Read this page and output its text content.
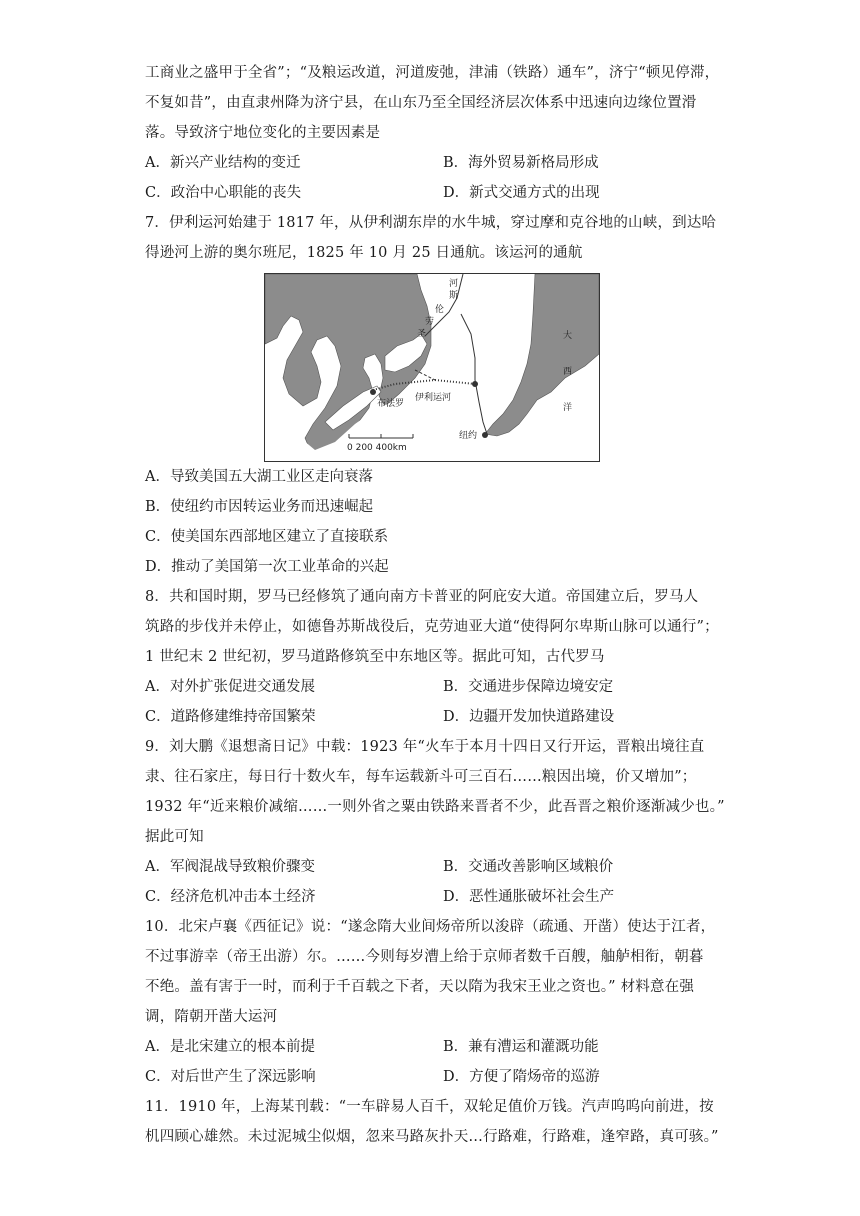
工商业之盛甲于全省”；“及粮运改道，河道废弛，津浦（铁路）通车”，济宁“顿见停滞，
不复如昔”，由直隶州降为济宁县，在山东乃至全国经济层次体系中迅速向边缘位置滑
落。导致济宁地位变化的主要因素是
A．新兴产业结构的变迁	B．海外贸易新格局形成
C．政治中心职能的丧失	D．新式交通方式的出现
7．伊利运河始建于 1817 年，从伊利湖东岸的水牛城，穿过摩和克谷地的山峡，到达哈
得逊河上游的奥尔班尼，1825 年 10 月 25 日通航。该运河的通航
河
斯
伦
劳
圣	大
西
洋
布法罗
伊利运河
纽约
0 200 400km
A．导致美国五大湖工业区走向衰落
B．使纽约市因转运业务而迅速崛起
C．使美国东西部地区建立了直接联系
D．推动了美国第一次工业革命的兴起
8．共和国时期，罗马已经修筑了通向南方卡普亚的阿庇安大道。帝国建立后，罗马人
筑路的步伐并未停止，如德鲁苏斯战役后，克劳迪亚大道“使得阿尔卑斯山脉可以通行”；
1 世纪末 2 世纪初，罗马道路修筑至中东地区等。据此可知，古代罗马
A．对外扩张促进交通发展	B．交通进步保障边境安定
C．道路修建维持帝国繁荣	D．边疆开发加快道路建设
9．刘大鹏《退想斋日记》中载：1923 年“火车于本月十四日又行开运，晋粮出境往直
隶、往石家庄，每日行十数火车，每车运载新斗可三百石……粮因出境，价又增加”；
1932 年“近来粮价减缩……一则外省之粟由铁路来晋者不少，此吾晋之粮价逐渐减少也。”
据此可知
A．军阀混战导致粮价骤变	B．交通改善影响区域粮价
C．经济危机冲击本土经济	D．恶性通胀破坏社会生产
10．北宋卢襄《西征记》说：“遂念隋大业间炀帝所以浚辟（疏通、开凿）使达于江者，
不过事游幸（帝王出游）尔。……今则每岁漕上给于京师者数千百艘，舳舻相衔，朝暮
不绝。盖有害于一时，而利于千百载之下者，天以隋为我宋王业之资也。” 材料意在强
调，隋朝开凿大运河
A．是北宋建立的根本前提	B．兼有漕运和灌溉功能
C．对后世产生了深远影响	D．方便了隋炀帝的巡游
11．1910 年，上海某刊载：“一车辟易人百千，双轮足值价万钱。汽声呜呜向前进，按
机四顾心雄然。未过泥城尘似烟，忽来马路灰扑天…行路难，行路难，逢窄路，真可骇。”
